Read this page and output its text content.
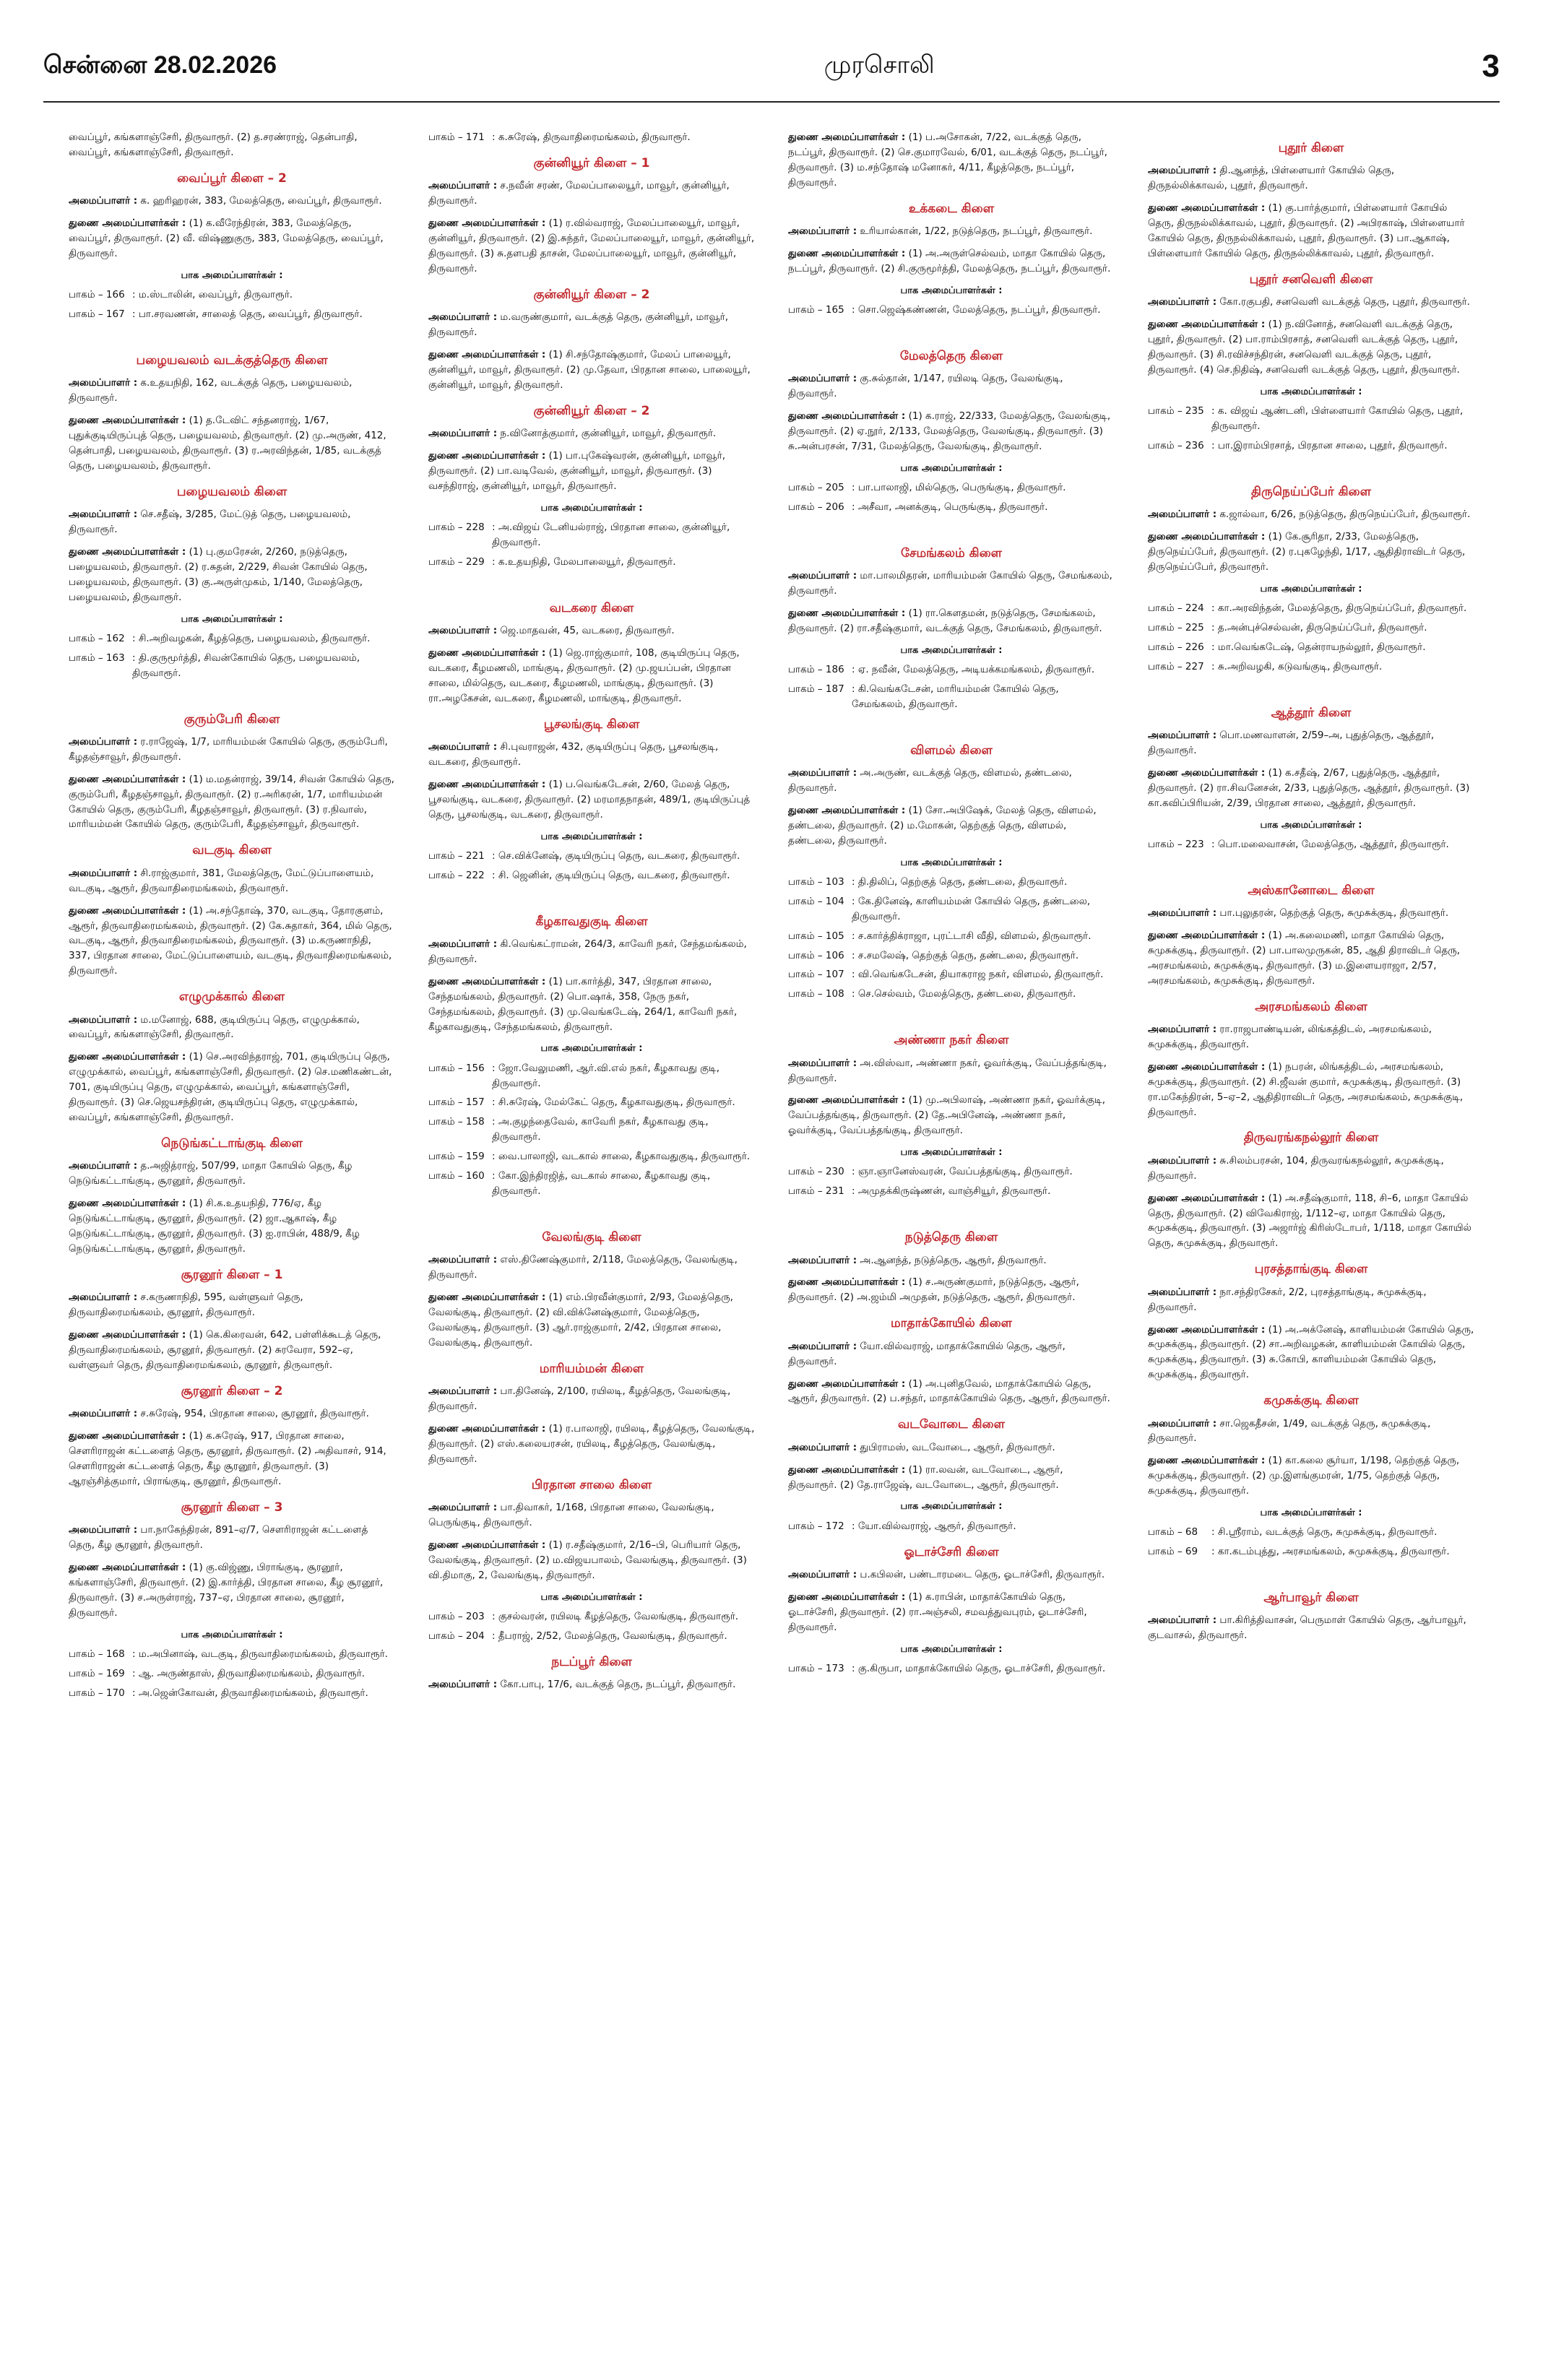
சென்னை 28.02.2026	முரசொலி	3
வைப்பூர், கங்களாஞ்சேரி, திருவாரூர். (2) த.சரண்ராஜ், தென்பாதி, வைப்பூர், கங்களாஞ்சேரி, திருவாரூர்.
வைப்பூர் கிளை – 2
அமைப்பாளர் : க. ஹரிஹரன், 383, மேலத்தெரு, வைப்பூர், திருவாரூர்.
துணை அமைப்பாளர்கள் : (1) க.வீரேந்திரன், 383, மேலத்தெரு, வைப்பூர், திருவாரூர். (2) வீ. விஷ்ணுகுரு, 383, மேலத்தெரு, வைப்பூர், திருவாரூர்.
பாக அமைப்பாளர்கள் :
பாகம் – 166 : ம.ஸ்டாலின், வைப்பூர், திருவாரூர்.
பாகம் – 167 : பா.சரவணன், சாலைத் தெரு, வைப்பூர், திருவாரூர்.
பழையவலம் வடக்குத்தெரு கிளை
அமைப்பாளர் : க.உதயநிதி, 162, வடக்குத் தெரு, பழையவலம், திருவாரூர்.
துணை அமைப்பாளர்கள் : (1) த.டேவிட் சந்தனராஜ், 1/67, புதுக்குடியிருப்புத் தெரு, பழையவலம், திருவாரூர். (2) மு.அருண், 412, தென்பாதி, பழையவலம், திருவாரூர். (3) ர.அரவிந்தன், 1/85, வடக்குத் தெரு, பழையவலம், திருவாரூர்.
பழையவலம் கிளை
அமைப்பாளர் : செ.சதீஷ், 3/285, மேட்டுத் தெரு, பழையவலம், திருவாரூர்.
துணை அமைப்பாளர்கள் : (1) பு.குமரேசன், 2/260, நடுத்தெரு, பழையவலம், திருவாரூர். (2) ர.சுதன், 2/229, சிவன் கோயில் தெரு, பழையவலம், திருவாரூர். (3) கு.அருள்முகம், 1/140, மேலத்தெரு, பழையவலம், திருவாரூர்.
பாக அமைப்பாளர்கள் :
பாகம் – 162 : சி.அறிவழகன், கீழத்தெரு, பழையவலம், திருவாரூர்.
பாகம் – 163 : தி.குருமூர்த்தி, சிவன்கோயில் தெரு, பழையவலம், திருவாரூர்.
குரும்பேரி கிளை
அமைப்பாளர் : ர.ராஜேஷ், 1/7, மாரியம்மன் கோயில் தெரு, குரும்பேரி, கீழதஞ்சாவூர், திருவாரூர்.
துணை அமைப்பாளர்கள் : (1) ம.மதன்ராஜ், 39/14, சிவன் கோயில் தெரு, குரும்பேரி, கீழதஞ்சாவூர், திருவாரூர். (2) ர.அரிகரன், 1/7, மாரியம்மன் கோயில் தெரு, குரும்பேரி, கீழதஞ்சாவூர், திருவாரூர். (3) ர.நிவாஸ், மாரியம்மன் கோயில் தெரு, குரும்பேரி, கீழதஞ்சாவூர், திருவாரூர்.
வடகுடி கிளை
அமைப்பாளர் : சி.ராஜ்குமார், 381, மேலத்தெரு, மேட்டுப்பாளையம், வடகுடி, ஆரூர், திருவாதிரைமங்கலம், திருவாரூர்.
துணை அமைப்பாளர்கள் : (1) அ.சந்தோஷ், 370, வடகுடி, தோரகுளம், ஆரூர், திருவாதிரைமங்கலம், திருவாரூர். (2) கே.சுதாகர், 364, மில் தெரு, வடகுடி, ஆரூர், திருவாதிரைமங்கலம், திருவாரூர். (3) ம.கருணாநிதி, 337, பிரதான சாலை, மேட்டுப்பாளையம், வடகுடி, திருவாதிரைமங்கலம், திருவாரூர்.
எழுமுக்கால் கிளை
அமைப்பாளர் : ம.மனோஜ், 688, குடியிருப்பு தெரு, எழுமுக்கால், வைப்பூர், கங்களாஞ்சேரி, திருவாரூர்.
துணை அமைப்பாளர்கள் : (1) செ.அரவிந்தராஜ், 701, குடியிருப்பு தெரு, எழுமுக்கால், வைப்பூர், கங்களாஞ்சேரி, திருவாரூர். (2) செ.மணிகண்டன், 701, குடியிருப்பு தெரு, எழுமுக்கால், வைப்பூர், கங்களாஞ்சேரி, திருவாரூர். (3) செ.ஜெயசந்திரன், குடியிருப்பு தெரு, எழுமுக்கால், வைப்பூர், கங்களாஞ்சேரி, திருவாரூர்.
நெடுங்கட்டாங்குடி கிளை
அமைப்பாளர் : த.அஜித்ராஜ், 507/99, மாதா கோயில் தெரு, கீழ நெடுங்கட்டாங்குடி, சூரனூர், திருவாரூர்.
துணை அமைப்பாளர்கள் : (1) சி.க.உதயநிதி, 776/ஏ, கீழ நெடுங்கட்டாங்குடி, சூரனூர், திருவாரூர். (2) ஜா.ஆகாஷ், கீழ நெடுங்கட்டாங்குடி, சூரனூர், திருவாரூர். (3) ஐ.ராபின், 488/9, கீழ நெடுங்கட்டாங்குடி, சூரனூர், திருவாரூர்.
சூரனூர் கிளை – 1
அமைப்பாளர் : ச.கருணாநிதி, 595, வள்ளுவர் தெரு, திருவாதிரைமங்கலம், சூரனூர், திருவாரூர்.
துணை அமைப்பாளர்கள் : (1) கெ.கிரைவன், 642, பள்ளிக்கூடத் தெரு, திருவாதிரைமங்கலம், சூரனூர், திருவாரூர். (2) சுரவேரா, 592–ஏ, வள்ளுவர் தெரு, திருவாதிரைமங்கலம், சூரனூர், திருவாரூர்.
சூரனூர் கிளை – 2
அமைப்பாளர் : ச.சுரேஷ், 954, பிரதான சாலை, சூரனூர், திருவாரூர்.
துணை அமைப்பாளர்கள் : (1) க.சுரேஷ், 917, பிரதான சாலை, சௌரிராஜன் கட்டளைத் தெரு, சூரனூர், திருவாரூர். (2) அதிவாசர், 914, சௌரிராஜன் கட்டளைத் தெரு, கீழ சூரனூர், திருவாரூர். (3) ஆரஞ்சித்குமார், பிராங்குடி, சூரனூர், திருவாரூர்.
சூரனூர் கிளை – 3
அமைப்பாளர் : பா.நாகேந்திரன், 891–ஏ/7, சௌரிராஜன் கட்டளைத் தெரு, கீழ சூரனூர், திருவாரூர்.
துணை அமைப்பாளர்கள் : (1) கு.விஜ்ணு, பிராங்குடி, சூரனூர், கங்களாஞ்சேரி, திருவாரூர். (2) இ.கார்த்தி, பிரதான சாலை, கீழ சூரனூர், திருவாரூர். (3) ச.அருள்ராஜ், 737–ஏ, பிரதான சாலை, சூரனூர், திருவாரூர்.
பாக அமைப்பாளர்கள் :
பாகம் – 168 : ம.அபினாஷ், வடகுடி, திருவாதிரைமங்கலம், திருவாரூர்.
பாகம் – 169 : ஆ. அருண்தாஸ், திருவாதிரைமங்கலம், திருவாரூர்.
பாகம் – 170 : அ.ஜென்கோவன், திருவாதிரைமங்கலம், திருவாரூர்.
பாகம் – 171 : க.சுரேஷ், திருவாதிரைமங்கலம், திருவாரூர்.
குன்னியூர் கிளை – 1
அமைப்பாளர் : ச.நவீன் சரண், மேலப்பாலையூர், மாவூர், குன்னியூர், திருவாரூர்.
துணை அமைப்பாளர்கள் : (1) ர.வில்வராஜ், மேலப்பாலையூர், மாவூர், குன்னியூர், திருவாரூர். (2) இ.சுந்தர், மேலப்பாலையூர், மாவூர், குன்னியூர், திருவாரூர். (3) சு.தளபதி தாசன், மேலப்பாலையூர், மாவூர், குன்னியூர், திருவாரூர்.
குன்னியூர் கிளை – 2
அமைப்பாளர் : ம.வருண்குமார், வடக்குத் தெரு, குன்னியூர், மாவூர், திருவாரூர்.
துணை அமைப்பாளர்கள் : (1) சி.சந்தோஷ்குமார், மேலப் பாலையூர், குன்னியூர், மாவூர், திருவாரூர். (2) மு.தேவா, பிரதான சாலை, பாலையூர், குன்னியூர், மாவூர், திருவாரூர்.
குன்னியூர் கிளை – 2
அமைப்பாளர் : ந.வினோத்குமார், குன்னியூர், மாவூர், திருவாரூர்.
துணை அமைப்பாளர்கள் : (1) பா.புகேஷ்வரன், குன்னியூர், மாவூர், திருவாரூர். (2) பா.வடிவேல், குன்னியூர், மாவூர், திருவாரூர். (3) வசந்திராஜ், குன்னியூர், மாவூர், திருவாரூர்.
பாக அமைப்பாளர்கள் :
பாகம் – 228 : அ.விஜய் டேனியல்ராஜ், பிரதான சாலை, குன்னியூர், திருவாரூர்.
பாகம் – 229 : க.உதயநிதி, மேலபாலையூர், திருவாரூர்.
வடகரை கிளை
அமைப்பாளர் : ஜெ.மாதவன், 45, வடகரை, திருவாரூர்.
துணை அமைப்பாளர்கள் : (1) ஜெ.ராஜ்குமார், 108, குடியிருப்பு தெரு, வடகரை, கீழமணலி, மாங்குடி, திருவாரூர். (2) மு.ஜயப்பன், பிரதான சாலை, மில்தெரு, வடகரை, கீழமணலி, மாங்குடி, திருவாரூர். (3) ரா.அழகேசன், வடகரை, கீழமணலி, மாங்குடி, திருவாரூர்.
பூசலங்குடி கிளை
அமைப்பாளர் : சி.புவராஜன், 432, குடியிருப்பு தெரு, பூசலங்குடி, வடகரை, திருவாரூர்.
துணை அமைப்பாளர்கள் : (1) ப.வெங்கடேசன், 2/60, மேலத் தெரு, பூசலங்குடி, வடகரை, திருவாரூர். (2) மரமாதநாதன், 489/1, குடியிருப்புத் தெரு, பூசலங்குடி, வடகரை, திருவாரூர்.
பாக அமைப்பாளர்கள் :
பாகம் – 221 : செ.விக்னேஷ், குடியிருப்பு தெரு, வடகரை, திருவாரூர்.
பாகம் – 222 : சி. ஜெனின், குடியிருப்பு தெரு, வடகரை, திருவாரூர்.
கீழகாவதுகுடி கிளை
அமைப்பாளர் : கி.வெங்கட்ராமன், 264/3, காவேரி நகர், சேந்தமங்கலம், திருவாரூர்.
துணை அமைப்பாளர்கள் : (1) பா.கார்த்தி, 347, பிரதான சாலை, சேந்தமங்கலம், திருவாரூர். (2) பொ.ஷாக், 358, நேரு நகர், சேந்தமங்கலம், திருவாரூர். (3) மு.வெங்கடேஷ், 264/1, காவேரி நகர், கீழகாவதுகுடி, சேந்தமங்கலம், திருவாரூர்.
பாக அமைப்பாளர்கள் :
பாகம் – 156 : ஜோ.வேலுமணி, ஆர்.வி.எல் நகர், கீழகாவது குடி, திருவாரூர்.
பாகம் – 157 : சி.சுரேஷ், மேல்கேட் தெரு, கீழகாவதுகுடி, திருவாரூர்.
பாகம் – 158 : அ.குழந்தைவேல், காவேரி நகர், கீழகாவது குடி, திருவாரூர்.
பாகம் – 159 : வை.பாலாஜி, வடகால் சாலை, கீழகாவதுகுடி, திருவாரூர்.
பாகம் – 160 : கோ.இந்திரஜித், வடகால் சாலை, கீழகாவது குடி, திருவாரூர்.
வேலங்குடி கிளை
அமைப்பாளர் : எஸ்.திணேஷ்குமார், 2/118, மேலத்தெரு, வேலங்குடி, திருவாரூர்.
துணை அமைப்பாளர்கள் : (1) எம்.பிரவீன்குமார், 2/93, மேலத்தெரு, வேலங்குடி, திருவாரூர். (2) வி.விக்னேஷ்குமார், மேலத்தெரு, வேலங்குடி, திருவாரூர். (3) ஆர்.ராஜ்குமார், 2/42, பிரதான சாலை, வேலங்குடி, திருவாரூர்.
மாரியம்மன் கிளை
அமைப்பாளர் : பா.தினேஷ், 2/100, ரயிலடி, கீழத்தெரு, வேலங்குடி, திருவாரூர்.
துணை அமைப்பாளர்கள் : (1) ர.பாலாஜி, ரயிலடி, கீழத்தெரு, வேலங்குடி, திருவாரூர். (2) எஸ்.கலையரசன், ரயிலடி, கீழத்தெரு, வேலங்குடி, திருவாரூர்.
பிரதான சாலை கிளை
அமைப்பாளர் : பா.திவாகர், 1/168, பிரதான சாலை, வேலங்குடி, பெருங்குடி, திருவாரூர்.
துணை அமைப்பாளர்கள் : (1) ர.சதீஷ்குமார், 2/16–பி, பெரியார் தெரு, வேலங்குடி, திருவாரூர். (2) ம.விஜயபாலம், வேலங்குடி, திருவாரூர். (3) வி.திமாகு, 2, வேலங்குடி, திருவாரூர்.
பாக அமைப்பாளர்கள் :
பாகம் – 203 : குசல்வரன், ரயிலடி கீழத்தெரு, வேலங்குடி, திருவாரூர்.
பாகம் – 204 : தீபராஜ், 2/52, மேலத்தெரு, வேலங்குடி, திருவாரூர்.
நடப்பூர் கிளை
அமைப்பாளர் : கோ.பாபு, 17/6, வடக்குத் தெரு, நடப்பூர், திருவாரூர்.
துணை அமைப்பாளர்கள் : (1) ப.அசோகன், 7/22, வடக்குத் தெரு, நடப்பூர், திருவாரூர். (2) செ.குமாரவேல், 6/01, வடக்குத் தெரு, நடப்பூர், திருவாரூர். (3) ம.சந்தோஷ் மனோகர், 4/11, கீழத்தெரு, நடப்பூர், திருவாரூர்.
உக்கடை கிளை
அமைப்பாளர் : உரியால்கான், 1/22, நடுத்தெரு, நடப்பூர், திருவாரூர்.
துணை அமைப்பாளர்கள் : (1) அ.அருள்செல்வம், மாதா கோயில் தெரு, நடப்பூர், திருவாரூர். (2) சி.குருமூர்த்தி, மேலத்தெரு, நடப்பூர், திருவாரூர்.
பாக அமைப்பாளர்கள் :
பாகம் – 165 : சொ.ஜெஷ்கண்ணன், மேலத்தெரு, நடப்பூர், திருவாரூர்.
மேலத்தெரு கிளை
அமைப்பாளர் : கு.சுல்தான், 1/147, ரயிலடி தெரு, வேலங்குடி, திருவாரூர்.
துணை அமைப்பாளர்கள் : (1) க.ராஜ், 22/333, மேலத்தெரு, வேலங்குடி, திருவாரூர். (2) ஏ.நூர், 2/133, மேலத்தெரு, வேலங்குடி, திருவாரூர். (3) சு.அன்பரசன், 7/31, மேலத்தெரு, வேலங்குடி, திருவாரூர்.
பாக அமைப்பாளர்கள் :
பாகம் – 205 : பா.பாலாஜி, மில்தெரு, பெருங்குடி, திருவாரூர்.
பாகம் – 206 : அசீவா, அனக்குடி, பெருங்குடி, திருவாரூர்.
சேமங்கலம் கிளை
அமைப்பாளர் : மா.பாலமிதரன், மாரியம்மன் கோயில் தெரு, சேமங்கலம், திருவாரூர்.
துணை அமைப்பாளர்கள் : (1) ரா.கௌதமன், நடுத்தெரு, சேமங்கலம், திருவாரூர். (2) ரா.சதீஷ்குமார், வடக்குத் தெரு, சேமங்கலம், திருவாரூர்.
பாக அமைப்பாளர்கள் :
பாகம் – 186 : ஏ. நவீன், மேலத்தெரு, அடியக்கமங்கலம், திருவாரூர்.
பாகம் – 187 : கி.வெங்கடேசன், மாரியம்மன் கோயில் தெரு, சேமங்கலம், திருவாரூர்.
விளமல் கிளை
அமைப்பாளர் : அ.அருண், வடக்குத் தெரு, விளமல், தண்டலை, திருவாரூர்.
துணை அமைப்பாளர்கள் : (1) சோ.அபிஷேக், மேலத் தெரு, விளமல், தண்டலை, திருவாரூர். (2) ம.மோகன், தெற்குத் தெரு, விளமல், தண்டலை, திருவாரூர்.
பாக அமைப்பாளர்கள் :
பாகம் – 103 : தி.திலிப், தெற்குத் தெரு, தண்டலை, திருவாரூர்.
பாகம் – 104 : கே.தினேஷ், காளியம்மன் கோயில் தெரு, தண்டலை, திருவாரூர்.
பாகம் – 105 : ச.கார்த்திக்ராஜா, புரட்டாசி வீதி, விளமல், திருவாரூர்.
பாகம் – 106 : ச.சமலேஷ், தெற்குத் தெரு, தண்டலை, திருவாரூர்.
பாகம் – 107 : வி.வெங்கடேசன், தியாகராஜ நகர், விளமல், திருவாரூர்.
பாகம் – 108 : செ.செல்வம், மேலத்தெரு, தண்டலை, திருவாரூர்.
அண்ணா நகர் கிளை
அமைப்பாளர் : அ.விஸ்வா, அண்ணா நகர், ஓவர்க்குடி, வேப்பத்தங்குடி, திருவாரூர்.
துணை அமைப்பாளர்கள் : (1) மு.அபிலாஷ், அண்ணா நகர், ஓவர்க்குடி, வேப்பத்தங்குடி, திருவாரூர். (2) தே.அபினேஷ், அண்ணா நகர், ஓவர்க்குடி, வேப்பத்தங்குடி, திருவாரூர்.
பாக அமைப்பாளர்கள் :
பாகம் – 230 : ஞா.ஞானேஸ்வரன், வேப்பத்தங்குடி, திருவாரூர்.
பாகம் – 231 : அமுதக்கிருஷ்ணன், வாஞ்சியூர், திருவாரூர்.
நடுத்தெரு கிளை
அமைப்பாளர் : அ.ஆனந்த், நடுத்தெரு, ஆரூர், திருவாரூர்.
துணை அமைப்பாளர்கள் : (1) ச.அருண்குமார், நடுத்தெரு, ஆரூர், திருவாரூர். (2) அ.ஜம்மி அமுதன், நடுத்தெரு, ஆரூர், திருவாரூர்.
மாதாக்கோயில் கிளை
அமைப்பாளர் : யோ.வில்வராஜ், மாதாக்கோயில் தெரு, ஆரூர், திருவாரூர்.
துணை அமைப்பாளர்கள் : (1) அ.புனிதவேல், மாதாக்கோயில் தெரு, ஆரூர், திருவாரூர். (2) ப.சந்தர், மாதாக்கோயில் தெரு, ஆரூர், திருவாரூர்.
வடவோடை கிளை
அமைப்பாளர் : துபிராமஸ், வடவோடை, ஆரூர், திருவாரூர்.
துணை அமைப்பாளர்கள் : (1) ரா.லவன், வடவோடை, ஆரூர், திருவாரூர். (2) தே.ராஜேஷ், வடவோடை, ஆரூர், திருவாரூர்.
பாக அமைப்பாளர்கள் :
பாகம் – 172 : யோ.வில்வராஜ், ஆரூர், திருவாரூர்.
ஓடாச்சேரி கிளை
அமைப்பாளர் : ப.கபிலன், பண்டாரமடை தெரு, ஓடாச்சேரி, திருவாரூர்.
துணை அமைப்பாளர்கள் : (1) க.ராபின், மாதாக்கோயில் தெரு, ஓடாச்சேரி, திருவாரூர். (2) ரா.அஞ்சலி, சமவத்துவபுரம், ஓடாச்சேரி, திருவாரூர்.
பாக அமைப்பாளர்கள் :
பாகம் – 173 : கு.கிருபா, மாதாக்கோயில் தெரு, ஓடாச்சேரி, திருவாரூர்.
புதூர் கிளை
அமைப்பாளர் : தி.ஆனந்த், பிள்ளையார் கோயில் தெரு, திருநல்லிக்காவல், புதூர், திருவாரூர்.
துணை அமைப்பாளர்கள் : (1) கு.பார்த்குமார், பிள்ளையார் கோயில் தெரு, திருநல்லிக்காவல், புதூர், திருவாரூர். (2) அபிரகாஷ், பிள்ளையார் கோயில் தெரு, திருநல்லிக்காவல், புதூர், திருவாரூர். (3) பா.ஆகாஷ், பிள்ளையார் கோயில் தெரு, திருநல்லிக்காவல், புதூர், திருவாரூர்.
புதூர் சனவெளி கிளை
அமைப்பாளர் : கோ.ரகுபதி, சனவெளி வடக்குத் தெரு, புதூர், திருவாரூர்.
துணை அமைப்பாளர்கள் : (1) ந.வினோத், சனவெளி வடக்குத் தெரு, புதூர், திருவாரூர். (2) பா.ராம்பிரசாத், சனவெளி வடக்குத் தெரு, புதூர், திருவாரூர். (3) சி.ரவிச்சந்திரன், சனவெளி வடக்குத் தெரு, புதூர், திருவாரூர். (4) செ.நிதிஷ், சனவெளி வடக்குத் தெரு, புதூர், திருவாரூர்.
பாக அமைப்பாளர்கள் :
பாகம் – 235 : க. விஜய் ஆண்டனி, பிள்ளையார் கோயில் தெரு, புதூர், திருவாரூர்.
பாகம் – 236 : பா.இராம்பிரசாத், பிரதான சாலை, புதூர், திருவாரூர்.
திருநெய்ப்பேர் கிளை
அமைப்பாளர் : க.ஜால்வா, 6/26, நடுத்தெரு, திருநெய்ப்பேர், திருவாரூர்.
துணை அமைப்பாளர்கள் : (1) கே.சூரிதா, 2/33, மேலத்தெரு, திருநெய்ப்பேர், திருவாரூர். (2) ர.புகழேந்தி, 1/17, ஆதிதிராவிடர் தெரு, திருநெய்ப்பேர், திருவாரூர்.
பாக அமைப்பாளர்கள் :
பாகம் – 224 : கா.அரவிந்தன், மேலத்தெரு, திருநெய்ப்பேர், திருவாரூர்.
பாகம் – 225 : த.அன்புச்செல்வன், திருநெய்ப்பேர், திருவாரூர்.
பாகம் – 226 : மா.வெங்கடேஷ், தென்ராயநல்லூர், திருவாரூர்.
பாகம் – 227 : சு.அறிவழகி, கடுவங்குடி, திருவாரூர்.
ஆத்தூர் கிளை
அமைப்பாளர் : பொ.மணவாளன், 2/59–அ, புதுத்தெரு, ஆத்தூர், திருவாரூர்.
துணை அமைப்பாளர்கள் : (1) க.சதீஷ், 2/67, புதுத்தெரு, ஆத்தூர், திருவாரூர். (2) ரா.சிவனேசன், 2/33, புதுத்தெரு, ஆத்தூர், திருவாரூர். (3) கா.கவிப்பிரியன், 2/39, பிரதான சாலை, ஆத்தூர், திருவாரூர்.
பாக அமைப்பாளர்கள் :
பாகம் – 223 : பொ.மலைவாசன், மேலத்தெரு, ஆத்தூர், திருவாரூர்.
அஸ்கானோடை கிளை
அமைப்பாளர் : பா.புலுதரன், தெற்குத் தெரு, சுமுசுக்குடி, திருவாரூர்.
துணை அமைப்பாளர்கள் : (1) அ.கலைமணி, மாதா கோயில் தெரு, சுமுசுக்குடி, திருவாரூர். (2) பா.பாலமுருகன், 85, ஆதி திராவிடர் தெரு, அரசமங்கலம், சுமுசுக்குடி, திருவாரூர். (3) ம.இளையராஜா, 2/57, அரசமங்கலம், சுமுசுக்குடி, திருவாரூர்.
அரசமங்கலம் கிளை
அமைப்பாளர் : ரா.ராஜபாண்டியன், லிங்கத்திடல், அரசமங்கலம், சுமுசுக்குடி, திருவாரூர்.
துணை அமைப்பாளர்கள் : (1) நபரன், லிங்கத்திடல், அரசமங்கலம், சுமுசுக்குடி, திருவாரூர். (2) சி.ஜீவன் குமார், சுமுசுக்குடி, திருவாரூர். (3) ரா.மகேந்திரன், 5–ஏ–2, ஆதிதிராவிடர் தெரு, அரசமங்கலம், சுமுசுக்குடி, திருவாரூர்.
திருவரங்கநல்லூர் கிளை
அமைப்பாளர் : சு.சிலம்பரசன், 104, திருவரங்கநல்லூர், சுமுசுக்குடி, திருவாரூர்.
துணை அமைப்பாளர்கள் : (1) அ.சதீஷ்குமார், 118, சி–6, மாதா கோயில் தெரு, திருவாரூர். (2) விவேகிராஜ், 1/112–ஏ, மாதா கோயில் தெரு, சுமுசுக்குடி, திருவாரூர். (3) அஜார்ஜ் கிரிஸ்டோபர், 1/118, மாதா கோயில் தெரு, சுமுசுக்குடி, திருவாரூர்.
புரசத்தாங்குடி கிளை
அமைப்பாளர் : நா.சந்திரசேகர், 2/2, புரசத்தாங்குடி, சுமுசுக்குடி, திருவாரூர்.
துணை அமைப்பாளர்கள் : (1) அ.அக்னேஷ், காளியம்மன் கோயில் தெரு, சுமுசுக்குடி, திருவாரூர். (2) சா.அறிவழகன், காளியம்மன் கோயில் தெரு, சுமுசுக்குடி, திருவாரூர். (3) சு.கோபி, காளியம்மன் கோயில் தெரு, சுமுசுக்குடி, திருவாரூர்.
கமுசுக்குடி கிளை
அமைப்பாளர் : சா.ஜெகதீசன், 1/49, வடக்குத் தெரு, சுமுசுக்குடி, திருவாரூர்.
துணை அமைப்பாளர்கள் : (1) கா.கலை சூர்யா, 1/198, தெற்குத் தெரு, சுமுசுக்குடி, திருவாரூர். (2) மு.இளங்குமரன், 1/75, தெற்குத் தெரு, சுமுசுக்குடி, திருவாரூர்.
பாக அமைப்பாளர்கள் :
பாகம் – 68	: சி.ஸ்ரீராம், வடக்குத் தெரு, சுமுசுக்குடி, திருவாரூர்.
பாகம் – 69	: கா.கடம்புத்து, அரசமங்கலம், சுமுசுக்குடி, திருவாரூர்.
ஆர்பாவூர் கிளை
அமைப்பாளர் : பா.கிரித்திவாசன், பெருமாள் கோயில் தெரு, ஆர்பாவூர், குடவாசல், திருவாரூர்.
